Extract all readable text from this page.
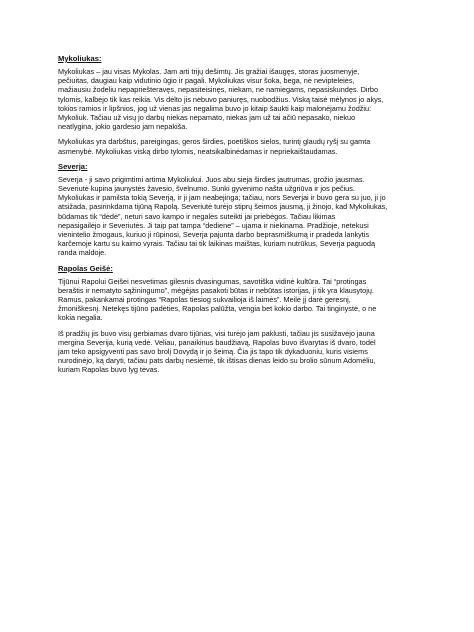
Mykoliukas:

Mykoliukas – jau visas Mykolas. Jam arti trijų dešimtų. Jis gražiai išaugęs, storas juosmenyje,
pečiuitas, daugiau kaip vidutinio ūgio ir pagali. Mykoliukas visur šoka, bega, nė nevipteleiės,
mažiausiu žodeliu nepapriešteravęs, nepasiteisinęs, niekam, ne namiegams, nepasiskundęs. Dirbo
tylomis, kalbėjo tik kas reikia. Vis dėlto jis nebuvo paniuręs, nuobodžius. Viską taisė mėlynos jo akys,
tokios ramios ir lipšnios, jog už vienas jas negalima buvo jo kitaip šaukti kaip malonėjamu žodžiu:
Mykoliuk. Tačiau už visų jo darbų niekas nepamato, niekas jam už tai ačiū nepasako, niekuo
neatlygina, jokio gardesio jam nepakiša.

Mykoliukas yra darbštus, pareigingas, geros širdies, poetiškos sielos, turintį glaudų ryšį su gamta
asmenybė. Mykoliukas viską dirbo tylomis, neatsikalbinėdamas ir nepriekaištaudamas.

Severja:

Severja - ji savo prigimtimi artima Mykoliukui. Juos abu sieja širdies jautrumas, grožio jausmas.
Severiutė kupina jaunystės žavesio, švelnumo. Sunki gyvenimo našta užgriūva ir jos pečius.
Mykoliukas ir pamilsta tokią Severją, ir ji jam neabejinga; tačiau, nors Severjai ir buvo gera su juo, ji jo
atsižada, pasirinkdama tijūną Rapolą. Severiutė turėjo stiprų šeimos jausmą, ji žinojo, kad Mykoliukas,
būdamas tik “dėdė”, neturi savo kampo ir negalės suteikti jai priebėgos. Tačiau likimas
nepasigailėjo ir Severiutės. Ji taip pat tampa “dediene” – ujama ir niekinama. Pradžioje, netekusi
vienintelio žmogaus, kuriuo ji rūpinosi, Severja pajunta darbo beprasmiškumą ir pradeda lankytis
karčemoje kartu su kaimo vyrais. Tačiau tai tik laikinas maištas, kuriam nutrūkus, Severja paguodą
randa maldoje.

Rapolas Geišė:

Tijūnui Rapolui Geišei nesvetimas gilesnis dvasingumas, savotiška vidinė kultūra. Tai “protingas
beraštis ir nematyto sąžiningumo”, mėgėjas pasakoti būtas ir nebūtas istorijas, ji tik yra klausytojų.
Ramus, pakankamai protingas “Rapolas tiesiog sukvailioja iš laimės”. Meilė jį darė geresnį,
žmoniškesnį. Netekęs tijūno padėties, Rapolas palūžta, vengia bet kokio darbo. Tai tinginystė, o ne
kokia negalia.

Iš pradžių jis buvo visų gerbiamas dvaro tijūnas, visi turėjo jam paklusti, tačiau jis susižavėjo jauna
mergina Severija, kurią vedė. Veliau, panaikinus baudžiavą, Rapolas buvo išvarytas iš dvaro, todėl
jam teko apsigyventi pas savo brolį Dovydą ir jo šeimą. Čia jis tapo tik dykaduoniu, kuris visiems
nurodinėjo, ką daryti, tačiau pats darbų nesiėmė, tik ištisas dienas leido su brolio sūnum Adomėliu,
kuriam Rapolas buvo lyg tėvas.
